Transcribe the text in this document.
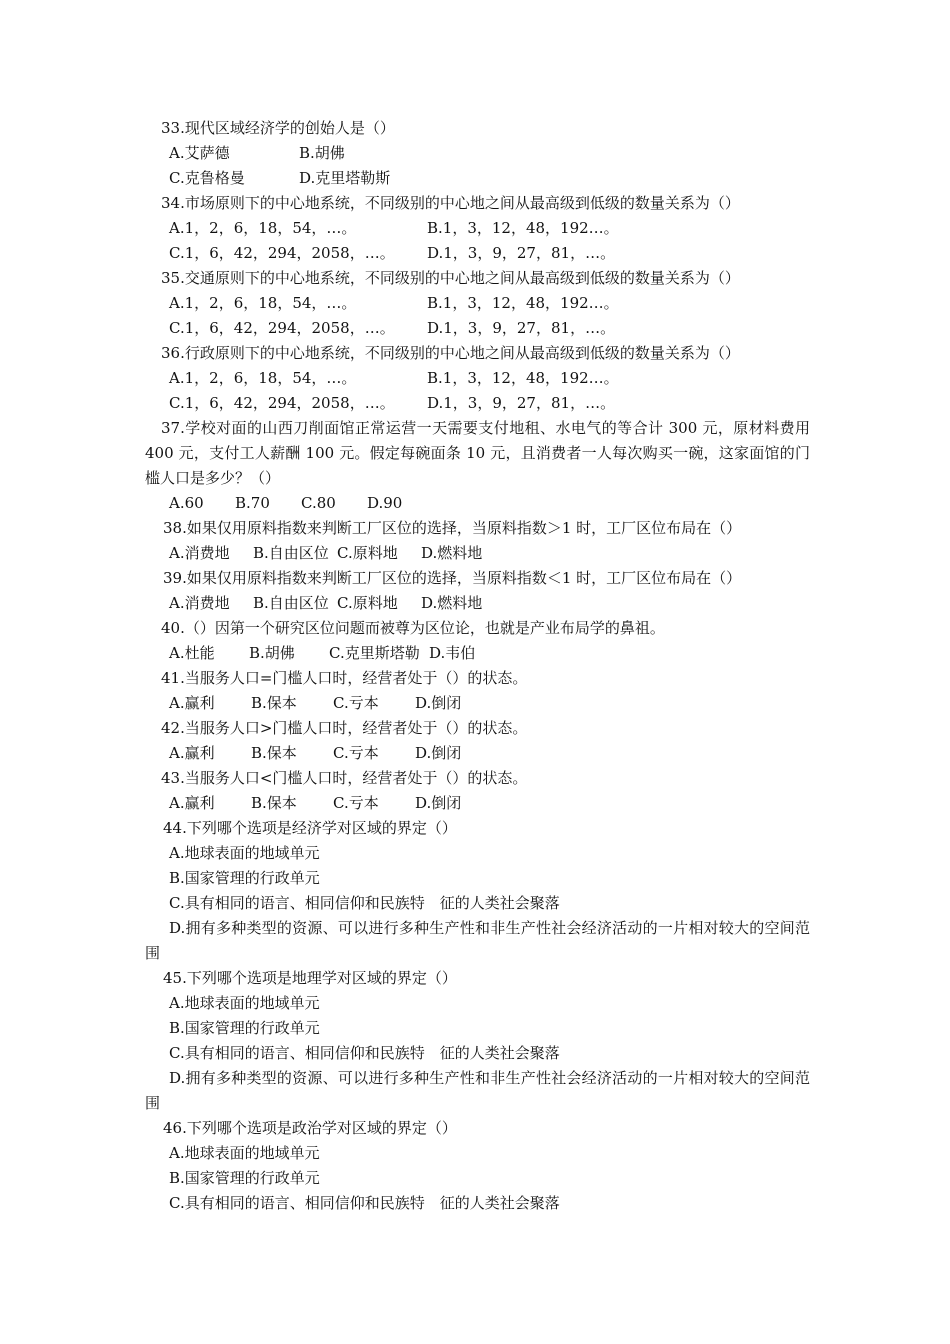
33.现代区域经济学的创始人是（）
A.艾萨德	B.胡佛
C.克鲁格曼	D.克里塔勒斯
34.市场原则下的中心地系统，不同级别的中心地之间从最高级到低级的数量关系为（）
A.1，2，6，18，54，…。	B.1，3，12，48，192…。
C.1，6，42，294，2058，…。 D.1，3，9，27，81，…。
35.交通原则下的中心地系统，不同级别的中心地之间从最高级到低级的数量关系为（）
A.1，2，6，18，54，…。	B.1，3，12，48，192…。
C.1，6，42，294，2058，…。 D.1，3，9，27，81，…。
36.行政原则下的中心地系统，不同级别的中心地之间从最高级到低级的数量关系为（）
A.1，2，6，18，54，…。	B.1，3，12，48，192…。
C.1，6，42，294，2058，…。 D.1，3，9，27，81，…。
37.学校对面的山西刀削面馆正常运营一天需要支付地租、水电气的等合计 300 元，原材料费用 400 元，支付工人薪酬 100 元。假定每碗面条 10 元，且消费者一人每次购买一碗，这家面馆的门槛人口是多少？（）
A.60 B.70 C.80 D.90
38.如果仅用原料指数来判断工厂区位的选择，当原料指数＞1 时，工厂区位布局在（）
A.消费地 B.自由区位 C.原料地 D.燃料地
39.如果仅用原料指数来判断工厂区位的选择，当原料指数＜1 时，工厂区位布局在（）
A.消费地 B.自由区位 C.原料地 D.燃料地
40.（）因第一个研究区位问题而被尊为区位论，也就是产业布局学的鼻祖。
A.杜能 B.胡佛 C.克里斯塔勒 D.韦伯
41.当服务人口=门槛人口时，经营者处于（）的状态。
A.赢利 B.保本 C.亏本 D.倒闭
42.当服务人口>门槛人口时，经营者处于（）的状态。
A.赢利 B.保本 C.亏本 D.倒闭
43.当服务人口<门槛人口时，经营者处于（）的状态。
A.赢利 B.保本 C.亏本 D.倒闭
44.下列哪个选项是经济学对区域的界定（）
A.地球表面的地域单元
B.国家管理的行政单元
C.具有相同的语言、相同信仰和民族特　征的人类社会聚落
D.拥有多种类型的资源、可以进行多种生产性和非生产性社会经济活动的一片相对较大的空间范围
45.下列哪个选项是地理学对区域的界定（）
A.地球表面的地域单元
B.国家管理的行政单元
C.具有相同的语言、相同信仰和民族特　征的人类社会聚落
D.拥有多种类型的资源、可以进行多种生产性和非生产性社会经济活动的一片相对较大的空间范围
46.下列哪个选项是政治学对区域的界定（）
A.地球表面的地域单元
B.国家管理的行政单元
C.具有相同的语言、相同信仰和民族特　征的人类社会聚落
